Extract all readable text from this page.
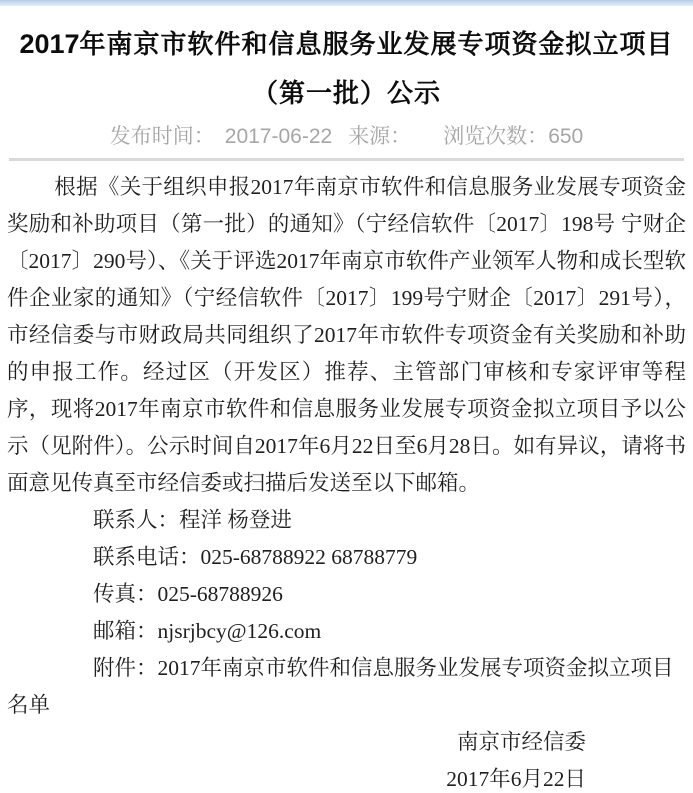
2017年南京市软件和信息服务业发展专项资金拟立项目
（第一批）公示
发布时间： 2017-06-22 来源： 浏览次数：650

根据《关于组织申报2017年南京市软件和信息服务业发展专项资金奖励和补助项目（第一批）的通知》（宁经信软件〔2017〕198号 宁财企〔2017〕290号）、《关于评选2017年南京市软件产业领军人物和成长型软件企业家的通知》（宁经信软件〔2017〕199号宁财企〔2017〕291号），市经信委与市财政局共同组织了2017年市软件专项资金有关奖励和补助的申报工作。经过区（开发区）推荐、主管部门审核和专家评审等程序，现将2017年南京市软件和信息服务业发展专项资金拟立项目予以公示（见附件）。公示时间自2017年6月22日至6月28日。如有异议，请将书面意见传真至市经信委或扫描后发送至以下邮箱。

联系人：程洋 杨登进

联系电话：025-68788922 68788779

传真：025-68788926

邮箱：njsrjbcy@126.com

附件：2017年南京市软件和信息服务业发展专项资金拟立项目名单

南京市经信委

2017年6月22日
